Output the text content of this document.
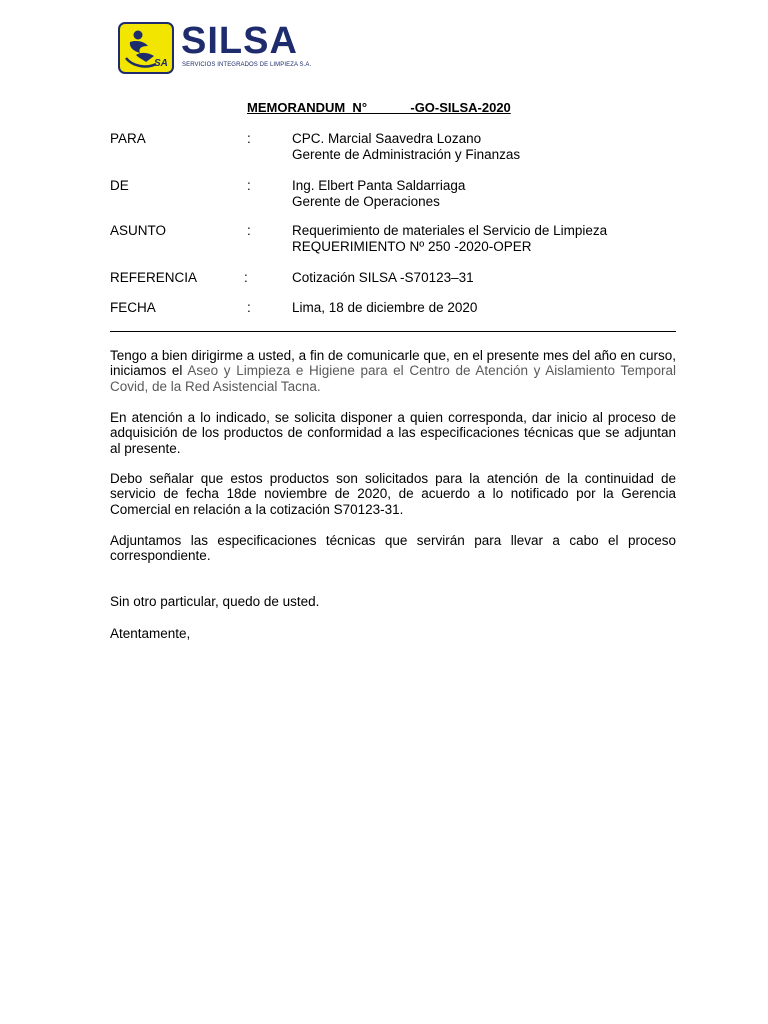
SA
SILSA
SERVICIOS INTEGRADOS DE LIMPIEZA S.A.
MEMORANDUM  N°            -GO-SILSA-2020
PARA	:	CPC. Marcial Saavedra Lozano
Gerente de Administración y Finanzas
DE	:	Ing. Elbert Panta Saldarriaga
Gerente de Operaciones
ASUNTO	:	Requerimiento de materiales el Servicio de Limpieza
REQUERIMIENTO Nº 250 -2020-OPER
REFERENCIA	:	Cotización SILSA -S70123–31
FECHA	:	Lima, 18 de diciembre de 2020
Tengo a bien dirigirme a usted, a fin de comunicarle que, en el presente mes del año en curso, iniciamos el Aseo y Limpieza e Higiene para el Centro de Atención y Aislamiento Temporal Covid, de la Red Asistencial Tacna.
En atención a lo indicado, se solicita disponer a quien corresponda, dar inicio al proceso de adquisición de los productos de conformidad a las especificaciones técnicas que se adjuntan al presente.
Debo señalar que estos productos son solicitados para la atención de la continuidad de servicio de fecha 18de noviembre de 2020, de acuerdo a lo notificado por la Gerencia Comercial en relación a la cotización S70123-31.
Adjuntamos las especificaciones técnicas que servirán para llevar a cabo el proceso correspondiente.
Sin otro particular, quedo de usted.
Atentamente,
